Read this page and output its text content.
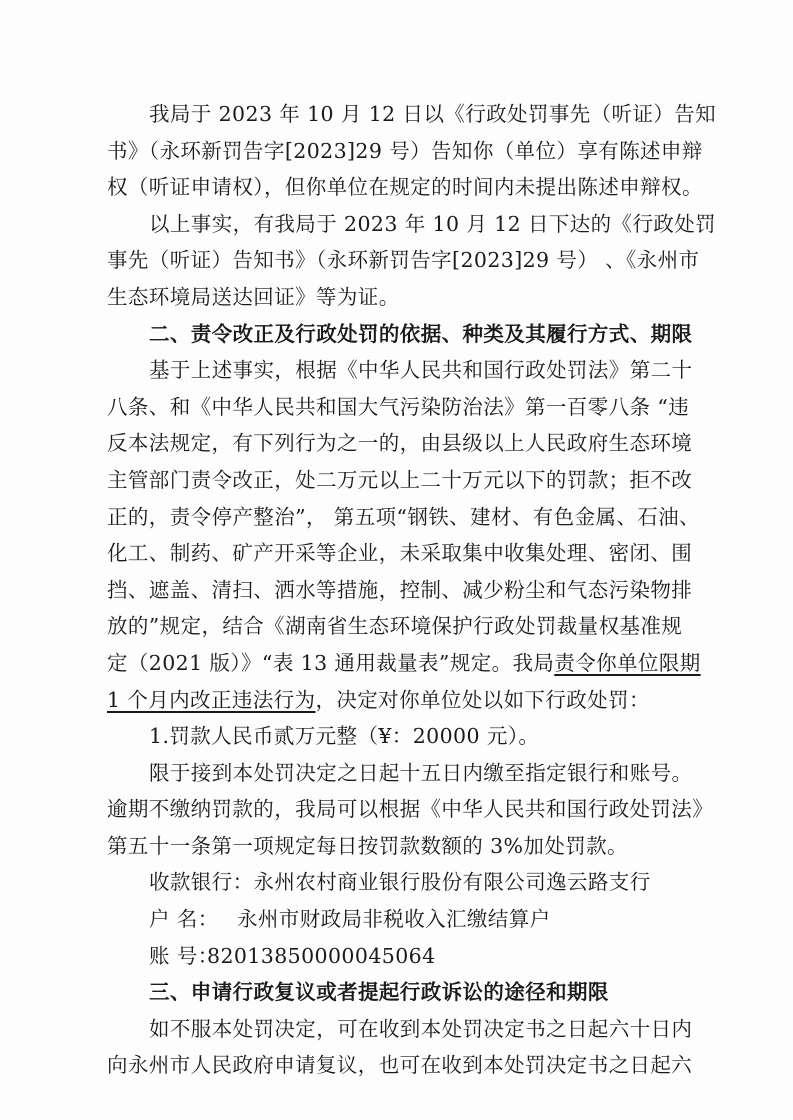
我局于 2023 年 10 月 12 日以《行政处罚事先（听证）告知
书》（永环新罚告字[2023]29 号）告知你（单位）享有陈述申辩
权（听证申请权），但你单位在规定的时间内未提出陈述申辩权。
以上事实，有我局于 2023 年 10 月 12 日下达的《行政处罚
事先（听证）告知书》（永环新罚告字[2023]29 号） 、《永州市
生态环境局送达回证》等为证。
二、责令改正及行政处罚的依据、种类及其履行方式、期限
基于上述事实，根据《中华人民共和国行政处罚法》第二十
八条、和《中华人民共和国大气污染防治法》第一百零八条 “违
反本法规定，有下列行为之一的，由县级以上人民政府生态环境
主管部门责令改正，处二万元以上二十万元以下的罚款；拒不改
正的，责令停产整治”， 第五项“钢铁、建材、有色金属、石油、
化工、制药、矿产开采等企业，未采取集中收集处理、密闭、围
挡、遮盖、清扫、洒水等措施，控制、减少粉尘和气态污染物排
放的”规定，结合《湖南省生态环境保护行政处罚裁量权基准规
定（2021 版）》“表 13 通用裁量表”规定。我局责令你单位限期
1 个月内改正违法行为，决定对你单位处以如下行政处罚：
1.罚款人民币贰万元整（¥：20000 元）。
限于接到本处罚决定之日起十五日内缴至指定银行和账号。
逾期不缴纳罚款的，我局可以根据《中华人民共和国行政处罚法》
第五十一条第一项规定每日按罚款数额的 3%加处罚款。
收款银行：永州农村商业银行股份有限公司逸云路支行
户 名： 永州市财政局非税收入汇缴结算户
账 号：82013850000045064
三、申请行政复议或者提起行政诉讼的途径和期限
如不服本处罚决定，可在收到本处罚决定书之日起六十日内
向永州市人民政府申请复议，也可在收到本处罚决定书之日起六
